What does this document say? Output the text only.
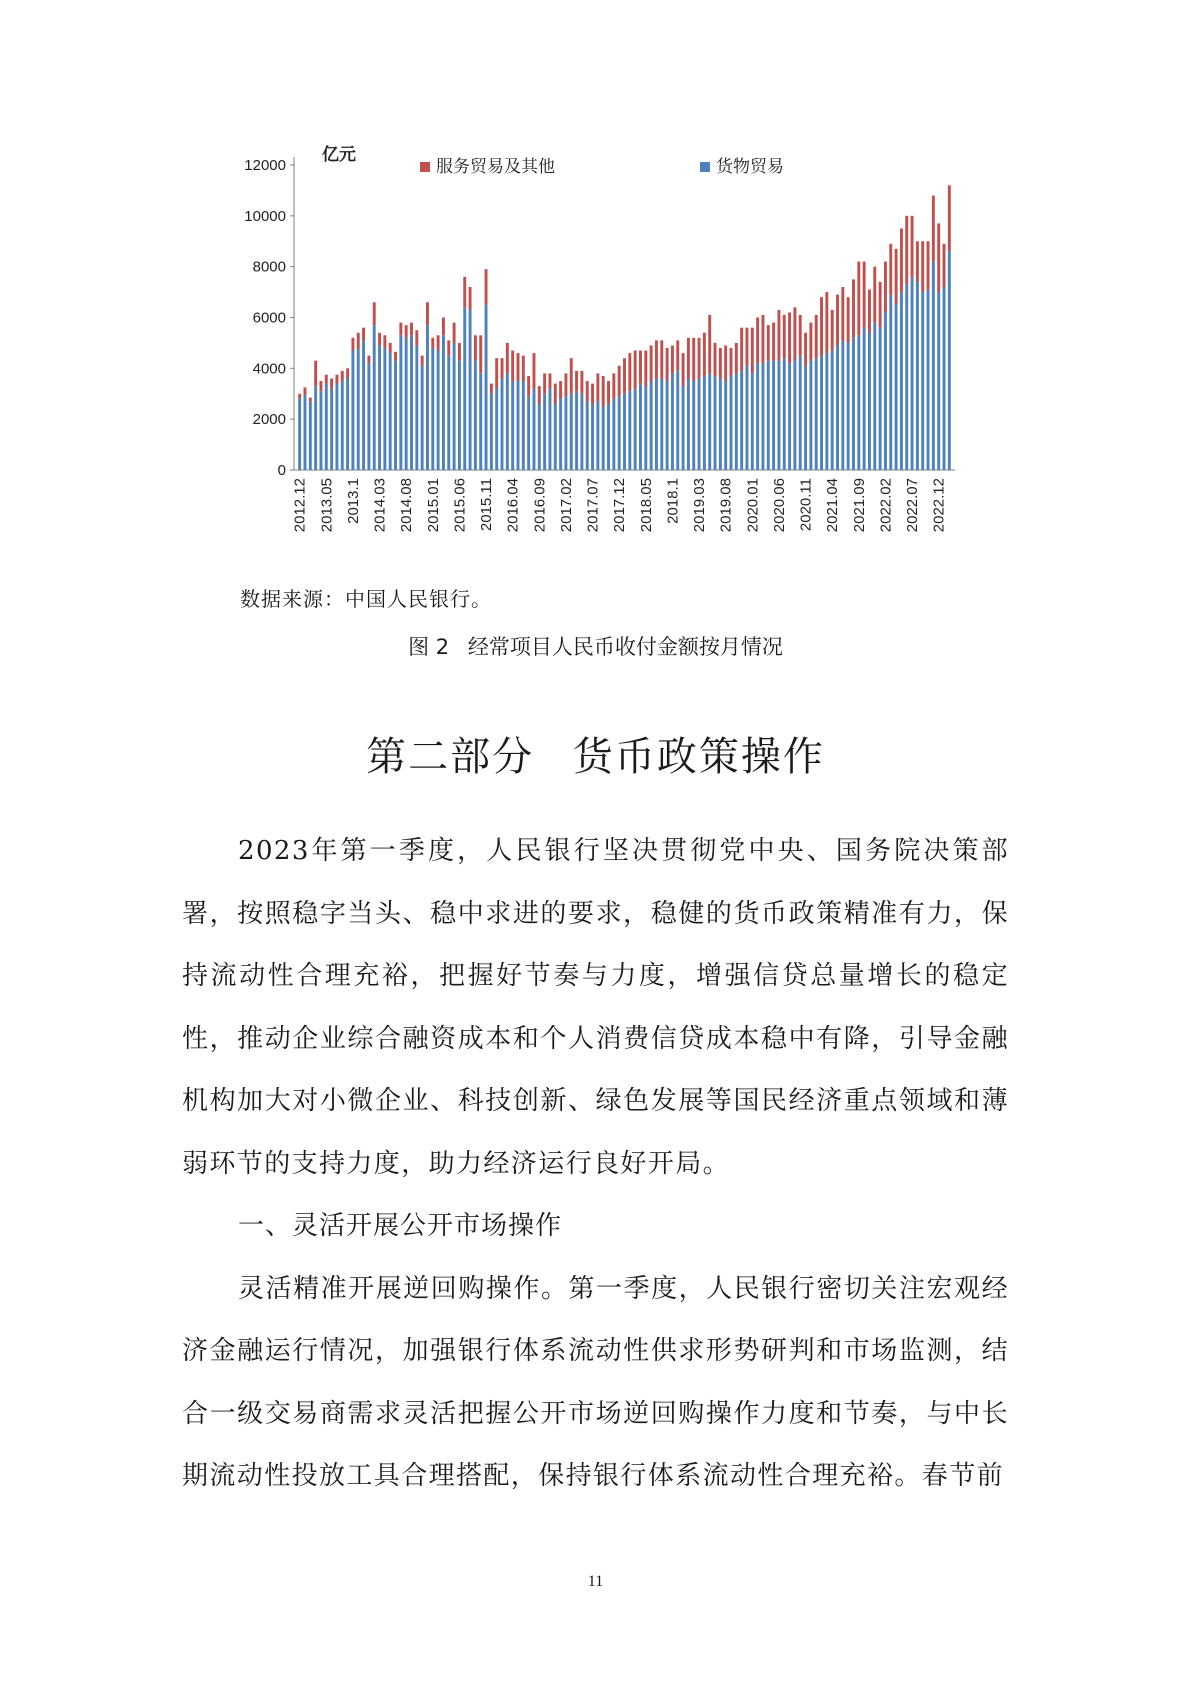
0
2000
4000
6000
8000
10000
12000
亿元
服务贸易及其他	货物贸易
2012.12 2013.05 2013.1 2014.03 2014.08 2015.01 2015.06 2015.11 2016.04 2016.09 2017.02 2017.07 2017.12 2018.05 2018.1 2019.03 2019.08 2020.01 2020.06 2020.11 2021.04 2021.09 2022.02 2022.07 2022.12
数据来源：中国人民银行。
图 2 经常项目人民币收付金额按月情况
第二部分 货币政策操作

2023年第一季度，人民银行坚决贯彻党中央、国务院决策部署，按照稳字当头、稳中求进的要求，稳健的货币政策精准有力，保持流动性合理充裕，把握好节奏与力度，增强信贷总量增长的稳定性，推动企业综合融资成本和个人消费信贷成本稳中有降，引导金融机构加大对小微企业、科技创新、绿色发展等国民经济重点领域和薄弱环节的支持力度，助力经济运行良好开局。

一、灵活开展公开市场操作

灵活精准开展逆回购操作。第一季度，人民银行密切关注宏观经济金融运行情况，加强银行体系流动性供求形势研判和市场监测，结合一级交易商需求灵活把握公开市场逆回购操作力度和节奏，与中长期流动性投放工具合理搭配，保持银行体系流动性合理充裕。春节前

11
